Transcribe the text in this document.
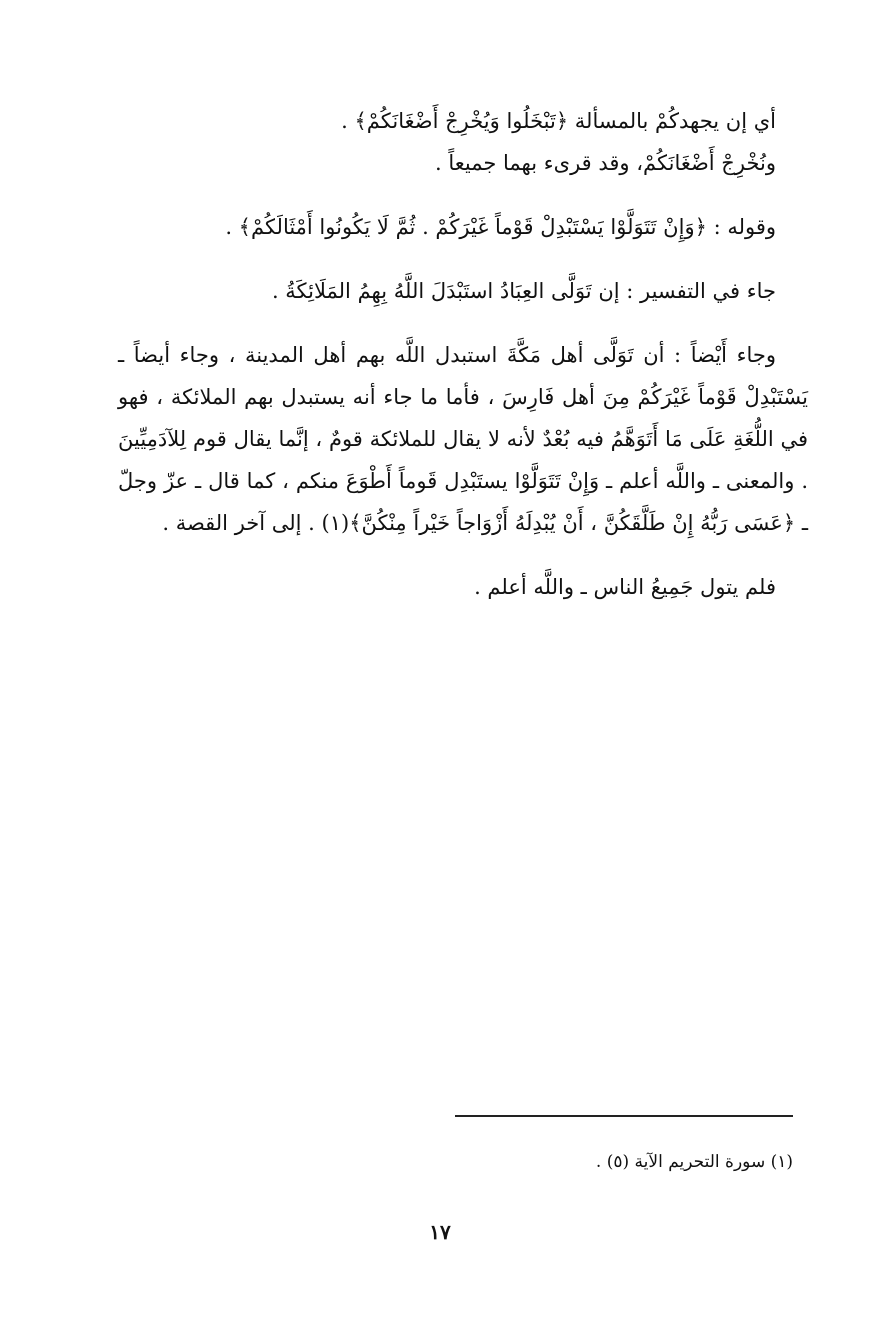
أي إن يجهدكُمْ بالمسألة ﴿تَبْخَلُوا وَيُخْرِجْ أَضْغَانَكُمْ﴾ .

ونُخْرِجْ أَضْغَانَكُمْ، وقد قرىء بهما جميعاً .

وقوله : ﴿وَإِنْ تَتَوَلَّوْا يَسْتَبْدِلْ قَوْماً غَيْرَكُمْ . ثُمَّ لَا يَكُونُوا أَمْثَالَكُمْ﴾ .

جاء في التفسير : إن تَوَلَّى العِبَادُ استَبْدَلَ اللَّهُ بِهِمُ المَلَائِكَةُ .

وجاء أَيْضاً : أن تَوَلَّى أهل مَكَّةَ استبدل اللَّه بهم أهل المدينة ، وجاء أيضاً ـ يَسْتَبْدِلْ قَوْماً غَيْرَكُمْ مِنَ أهل فَارِسَ ، فأما ما جاء أنه يستبدل بهم الملائكة ، فهو في اللُّغَةِ عَلَى مَا أَتَوَهَّمُ فيه بُعْدٌ لأنه لا يقال للملائكة قومٌ ، إنَّما يقال قوم لِلآدَمِيِّينَ . والمعنى ـ واللَّه أعلم ـ وَإِنْ تَتَوَلَّوْا يستَبْدِل قَوماً أَطْوَعَ منكم ، كما قال ـ عزّ وجلّ ـ ﴿عَسَى رَبُّهُ إِنْ طَلَّقَكُنَّ ، أَنْ يُبْدِلَهُ أَزْوَاجاً خَيْراً مِنْكُنَّ﴾(١) . إلى آخر القصة .

فلم يتول جَمِيعُ الناس ـ واللَّه أعلم .

(١) سورة التحريم الآية (٥) .
١٧
